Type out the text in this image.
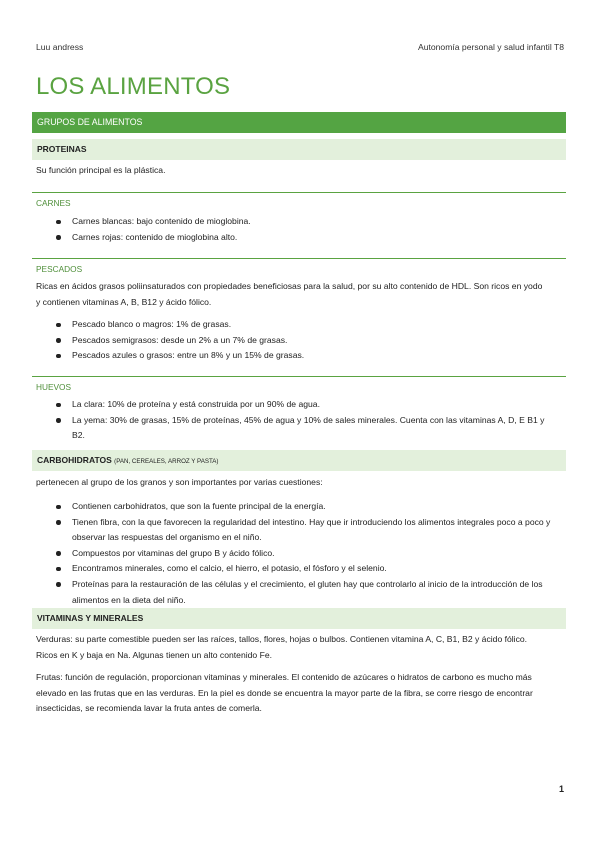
Luu andress	Autonomía personal y salud infantil T8
LOS ALIMENTOS
GRUPOS DE ALIMENTOS
PROTEINAS
Su función principal es la plástica.
CARNES
Carnes blancas: bajo contenido de mioglobina.
Carnes rojas: contenido de mioglobina alto.
PESCADOS
Ricas en ácidos grasos poliinsaturados con propiedades beneficiosas para la salud, por su alto contenido de HDL. Son ricos en yodo y contienen vitaminas A, B, B12 y ácido fólico.
Pescado blanco o magros: 1% de grasas.
Pescados semigrasos: desde un 2% a un 7% de grasas.
Pescados azules o grasos: entre un 8% y un 15% de grasas.
HUEVOS
La clara: 10% de proteína y está construida por un 90% de agua.
La yema: 30% de grasas, 15% de proteínas, 45% de agua y 10% de sales minerales. Cuenta con las vitaminas A, D, E B1 y B2.
CARBOHIDRATOS (PAN, CEREALES, ARROZ Y PASTA)
pertenecen al grupo de los granos y son importantes por varias cuestiones:
Contienen carbohidratos, que son la fuente principal de la energía.
Tienen fibra, con la que favorecen la regularidad del intestino. Hay que ir introduciendo los alimentos integrales poco a poco y observar las respuestas del organismo en el niño.
Compuestos por vitaminas del grupo B y ácido fólico.
Encontramos minerales, como el calcio, el hierro, el potasio, el fósforo y el selenio.
Proteínas para la restauración de las células y el crecimiento, el gluten hay que controlarlo al inicio de la introducción de los alimentos en la dieta del niño.
VITAMINAS Y MINERALES
Verduras: su parte comestible pueden ser las raíces, tallos, flores, hojas o bulbos. Contienen vitamina A, C, B1, B2 y ácido fólico. Ricos en K y baja en Na. Algunas tienen un alto contenido Fe.
Frutas: función de regulación, proporcionan vitaminas y minerales. El contenido de azúcares o hidratos de carbono es mucho más elevado en las frutas que en las verduras. En la piel es donde se encuentra la mayor parte de la fibra, se corre riesgo de encontrar insecticidas, se recomienda lavar la fruta antes de comerla.
1
